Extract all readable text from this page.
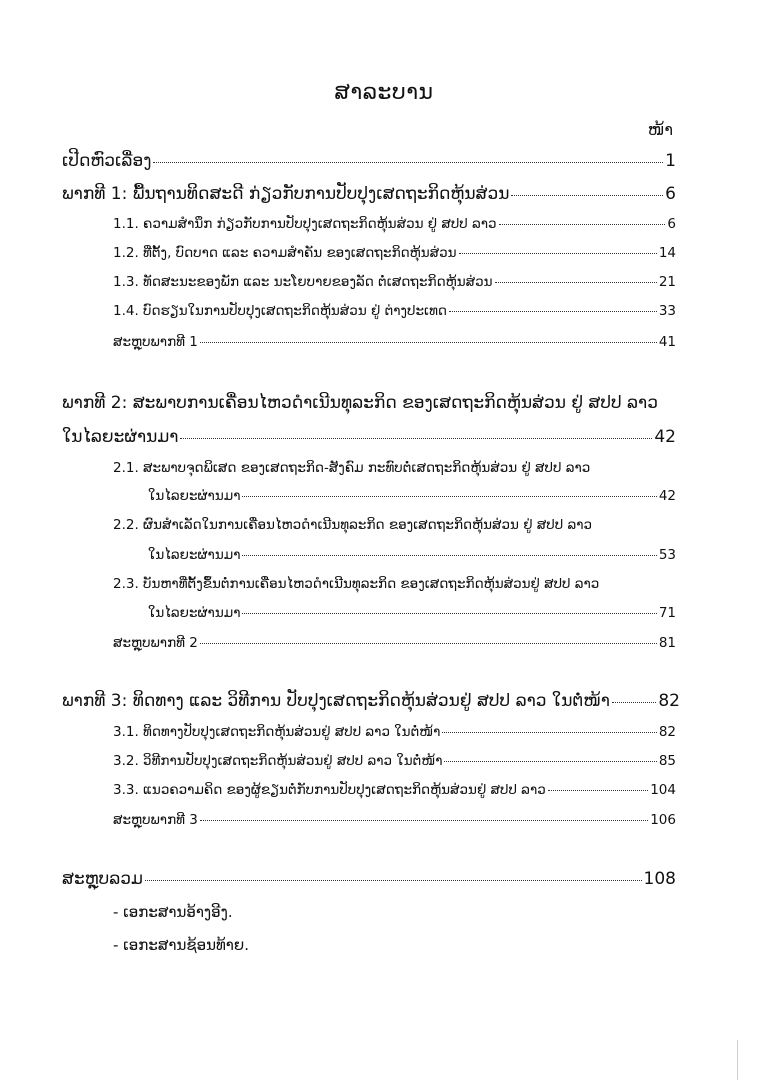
ສາລະບານ
ໜ້າ
ເປີດຫົວເລື່ອງ	1
ພາກທີ 1: ພື້ນຖານທິດສະດີ ກ່ຽວກັບການປັບປຸງເສດຖະກິດຫຸ້ນສ່ວນ	6
1.1. ຄວາມສຳນຶກ ກ່ຽວກັບການປັບປຸງເສດຖະກິດຫຸ້ນສ່ວນ ຢູ່ ສປປ ລາວ	6
1.2. ທີ່ຕັ້ງ, ບົດບາດ ແລະ ຄວາມສຳຄັນ ຂອງເສດຖະກິດຫຸ້ນສ່ວນ	14
1.3. ທັດສະນະຂອງພັກ ແລະ ນະໂຍບາຍຂອງລັດ ຕໍ່ເສດຖະກິດຫຸ້ນສ່ວນ	21
1.4. ບົດຮຽນໃນການປັບປຸງເສດຖະກິດຫຸ້ນສ່ວນ ຢູ່ ຕ່າງປະເທດ	33
ສະຫຼຸບພາກທີ 1	41
ພາກທີ 2: ສະພາບການເຄື່ອນໄຫວດຳເນີນທຸລະກິດ ຂອງເສດຖະກິດຫຸ້ນສ່ວນ ຢູ່ ສປປ ລາວ
ໃນໄລຍະຜ່ານມາ	42
2.1. ສະພາບຈຸດພິເສດ ຂອງເສດຖະກິດ-ສັງຄົມ ກະທົບຕໍ່ເສດຖະກິດຫຸ້ນສ່ວນ ຢູ່ ສປປ ລາວ
ໃນໄລຍະຜ່ານມາ	42
2.2. ຜົນສຳເລັດໃນການເຄື່ອນໄຫວດຳເນີນທຸລະກິດ ຂອງເສດຖະກິດຫຸ້ນສ່ວນ ຢູ່ ສປປ ລາວ
ໃນໄລຍະຜ່ານມາ	53
2.3. ບັນຫາທີ່ຕັ້ງຂຶ້ນຕໍ່ການເຄື່ອນໄຫວດຳເນີນທຸລະກິດ ຂອງເສດຖະກິດຫຸ້ນສ່ວນຢູ່ ສປປ ລາວ
ໃນໄລຍະຜ່ານມາ	71
ສະຫຼຸບພາກທີ 2	81
ພາກທີ 3: ທິດທາງ ແລະ ວິທີການ ປັບປຸງເສດຖະກິດຫຸ້ນສ່ວນຢູ່ ສປປ ລາວ ໃນຕໍ່ໜ້າ	82
3.1. ທິດທາງປັບປຸງເສດຖະກິດຫຸ້ນສ່ວນຢູ່ ສປປ ລາວ ໃນຕໍ່ໜ້າ	82
3.2. ວິທີການປັບປຸງເສດຖະກິດຫຸ້ນສ່ວນຢູ່ ສປປ ລາວ ໃນຕໍ່ໜ້າ	85
3.3. ແນວຄວາມຄິດ ຂອງຜູ້ຂຽນຕໍ່ກັບການປັບປຸງເສດຖະກິດຫຸ້ນສ່ວນຢູ່ ສປປ ລາວ	104
ສະຫຼຸບພາກທີ 3	106
ສະຫຼຸບລວມ	108
- ເອກະສານອ້າງອີງ.
- ເອກະສານຊ້ອນທ້າຍ.
